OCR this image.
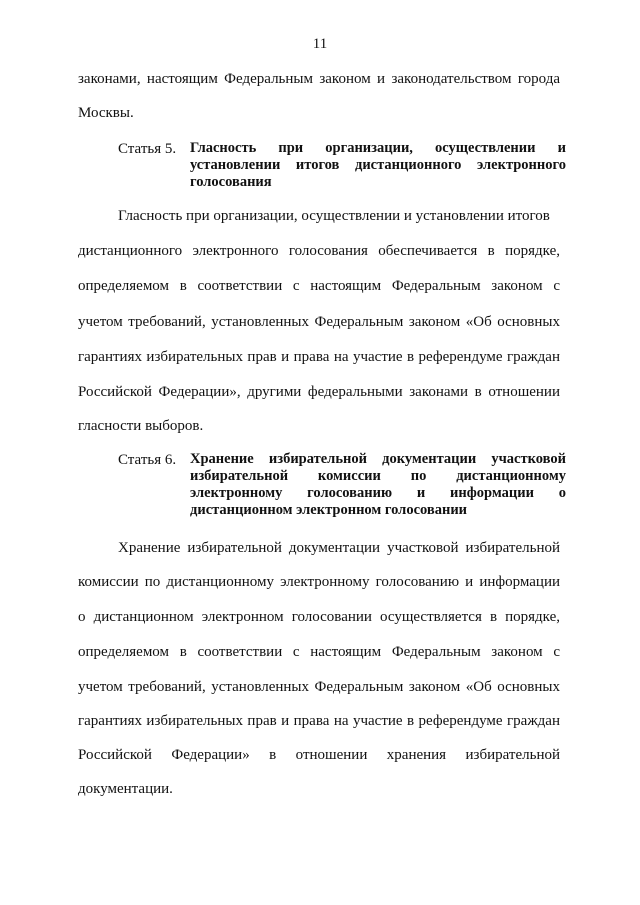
11
законами, настоящим Федеральным законом и законодательством города
Москвы.
Статья 5. Гласность при организации, осуществлении и
установлении итогов дистанционного электронного
голосования
Гласность при организации, осуществлении и установлении итогов
дистанционного электронного голосования обеспечивается в порядке,
определяемом в соответствии с настоящим Федеральным законом с
учетом требований, установленных Федеральным законом «Об основных
гарантиях избирательных прав и права на участие в референдуме граждан
Российской Федерации», другими федеральными законами в отношении
гласности выборов.
Статья 6. Хранение избирательной документации участковой
избирательной комиссии по дистанционному
электронному голосованию и информации о
дистанционном электронном голосовании
Хранение избирательной документации участковой избирательной
комиссии по дистанционному электронному голосованию и информации
о дистанционном электронном голосовании осуществляется в порядке,
определяемом в соответствии с настоящим Федеральным законом с
учетом требований, установленных Федеральным законом «Об основных
гарантиях избирательных прав и права на участие в референдуме граждан
Российской Федерации» в отношении хранения избирательной
документации.
